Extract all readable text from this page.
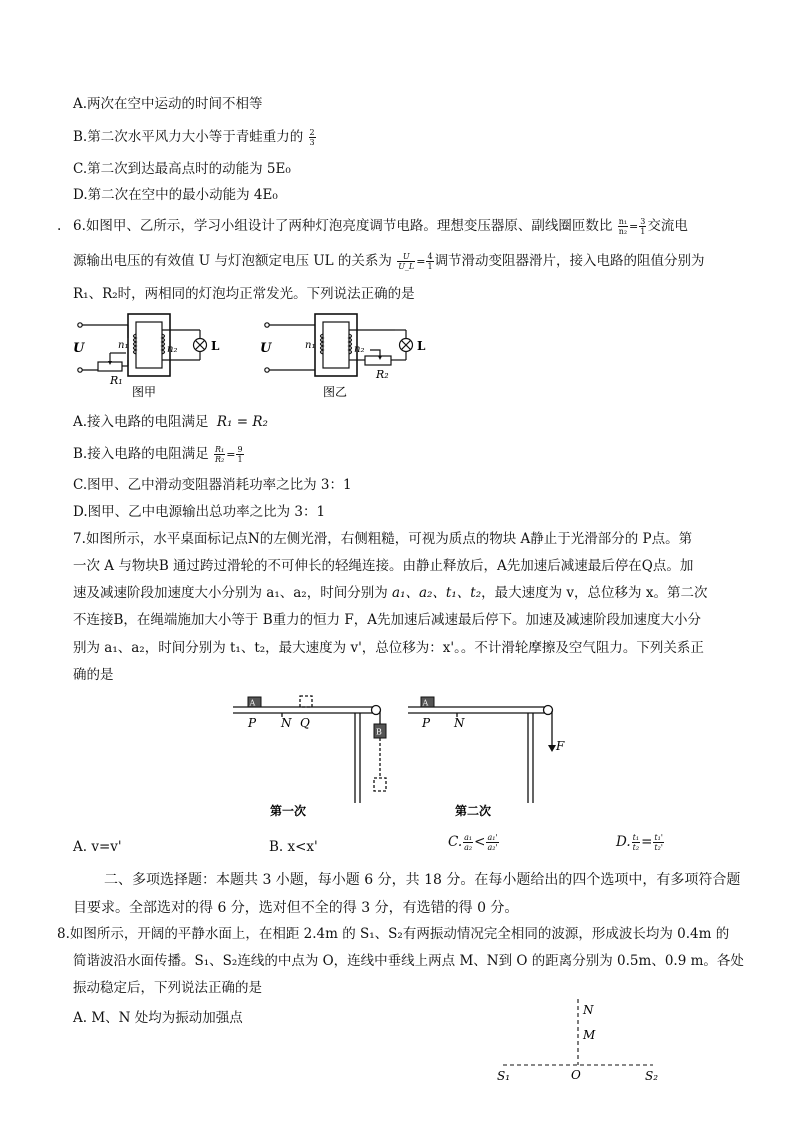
A.两次在空中运动的时间不相等
B.第二次水平风力大小等于青蛙重力的 $\frac{2}{3}$
C.第二次到达最高点时的动能为 5E₀
D.第二次在空中的最小动能为 4E₀
. 6.如图甲、乙所示，学习小组设计了两种灯泡亮度调节电路。理想变压器原、副线圈匝数比 $\frac{\text{n₁}}{\text{n₂}} = \frac{3}{1}$ 交流电
源输出电压的有效值 U 与灯泡额定电压 UL 的关系为 $\frac{U}{U\_L} = \frac{4}{1}$ 调节滑动变阻器滑片，接入电路的阻值分别为
R₁、R₂时，两相同的灯泡均正常发光。下列说法正确的是
U	n₁	n₂	L
R₁
图甲
U	n₁	n₂	L
R₂
图乙
A.接入电路的电阻满足 R₁ = R₂
B.接入电路的电阻满足 $\frac{\text{R₁}}{\text{R₂}} = \frac{9}{1}$
C.图甲、乙中滑动变阻器消耗功率之比为 3：1
D.图甲、乙中电源输出总功率之比为 3：1
7.如图所示，水平桌面标记点N的左侧光滑，右侧粗糙，可视为质点的物块 A静止于光滑部分的 P点。第
一次 A 与物块B 通过跨过滑轮的不可伸长的轻绳连接。由静止释放后，A先加速后减速最后停在Q点。加
速及减速阶段加速度大小分别为 a₁、a₂，时间分别为 a₁、a₂、t₁、t₂，最大速度为 v，总位移为 x。第二次
不连接B，在绳端施加大小等于 B重力的恒力 F，A先加速后减速最后停下。加速及减速阶段加速度大小分
别为 a₁、a₂，时间分别为 t₁、t₂，最大速度为 v'，总位移为：x'。。不计滑轮摩擦及空气阻力。下列关系正
确的是
A
B
P N Q
第一次
A
P N
F
第二次
A. v=v'	B. x<x'	C. $\frac{\text{a₁}}{\text{a₂}} < \frac{\text{a₁'}}{\text{a₂'}}$	D. $\frac{\text{t₁}}{\text{t₂}} = \frac{\text{t₁'}}{\text{t₂'}}$
二、多项选择题：本题共 3 小题，每小题 6 分，共 18 分。在每小题给出的四个选项中，有多项符合题
目要求。全部选对的得 6 分，选对但不全的得 3 分，有选错的得 0 分。
8.如图所示，开阔的平静水面上，在相距 2.4m 的 S₁、S₂有两振动情况完全相同的波源，形成波长均为 0.4m 的
简谐波沿水面传播。S₁、S₂连线的中点为 O，连线中垂线上两点 M、N到 O 的距离分别为 0.5m、0.9 m。各处
振动稳定后，下列说法正确的是
A. M、N 处均为振动加强点	N
M
S₁	O	S₂
